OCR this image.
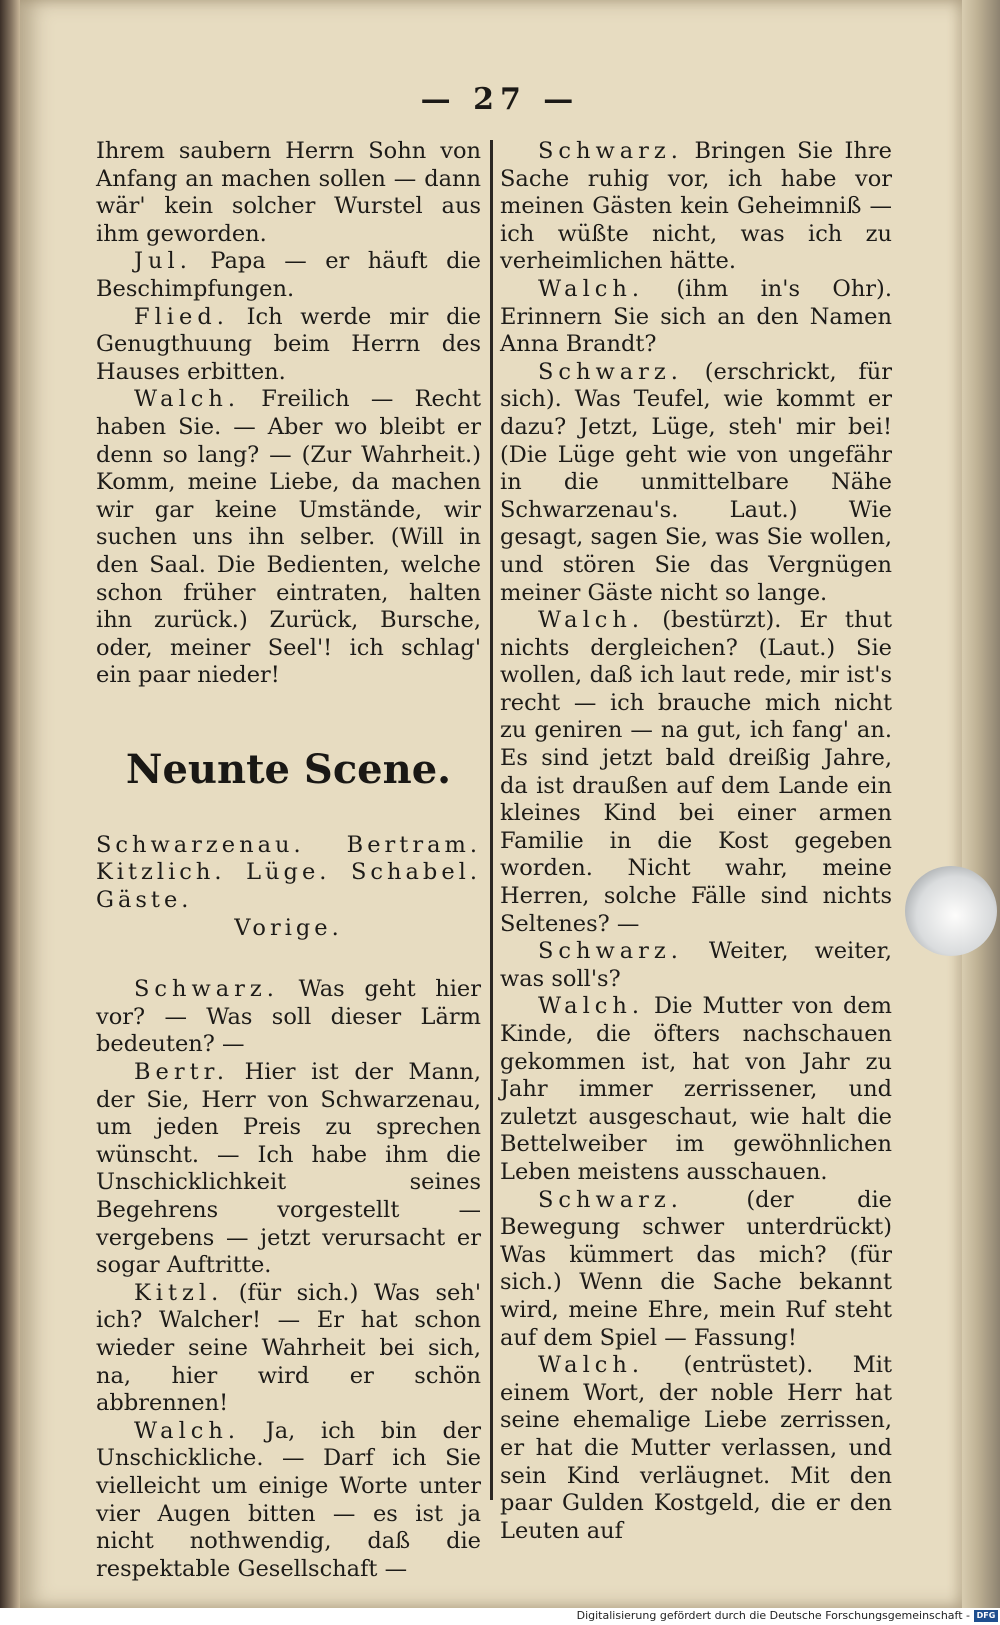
— 27 —

Ihrem saubern Herrn Sohn von Anfang an machen sollen — dann wär' kein solcher Wurstel aus ihm geworden.

Jul. Papa — er häuft die Beschimpfungen.

Flied. Ich werde mir die Genugthuung beim Herrn des Hauses erbitten.

Walch. Freilich — Recht haben Sie. — Aber wo bleibt er denn so lang? — (Zur Wahrheit.) Komm, meine Liebe, da machen wir gar keine Umstände, wir suchen uns ihn selber. (Will in den Saal. Die Bedienten, welche schon früher eintraten, halten ihn zurück.) Zurück, Bursche, oder, meiner Seel'! ich schlag' ein paar nieder!

Neunte Scene.

Schwarzenau. Bertram. Kitzlich. Lüge. Schabel. Gäste.

Vorige.

Schwarz. Was geht hier vor? — Was soll dieser Lärm bedeuten? —

Bertr. Hier ist der Mann, der Sie, Herr von Schwarzenau, um jeden Preis zu sprechen wünscht. — Ich habe ihm die Unschicklichkeit seines Begehrens vorgestellt — vergebens — jetzt verursacht er sogar Auftritte.

Kitzl. (für sich.) Was seh' ich? Walcher! — Er hat schon wieder seine Wahrheit bei sich, na, hier wird er schön abbrennen!

Walch. Ja, ich bin der Unschickliche. — Darf ich Sie vielleicht um einige Worte unter vier Augen bitten — es ist ja nicht nothwendig, daß die respektable Gesellschaft —

Schwarz. Bringen Sie Ihre Sache ruhig vor, ich habe vor meinen Gästen kein Geheimniß — ich wüßte nicht, was ich zu verheimlichen hätte.

Walch. (ihm in's Ohr). Erinnern Sie sich an den Namen Anna Brandt?

Schwarz. (erschrickt, für sich). Was Teufel, wie kommt er dazu? Jetzt, Lüge, steh' mir bei! (Die Lüge geht wie von ungefähr in die unmittelbare Nähe Schwarzenau's. Laut.) Wie gesagt, sagen Sie, was Sie wollen, und stören Sie das Vergnügen meiner Gäste nicht so lange.

Walch. (bestürzt). Er thut nichts dergleichen? (Laut.) Sie wollen, daß ich laut rede, mir ist's recht — ich brauche mich nicht zu geniren — na gut, ich fang' an. Es sind jetzt bald dreißig Jahre, da ist draußen auf dem Lande ein kleines Kind bei einer armen Familie in die Kost gegeben worden. Nicht wahr, meine Herren, solche Fälle sind nichts Seltenes? —

Schwarz. Weiter, weiter, was soll's?

Walch. Die Mutter von dem Kinde, die öfters nachschauen gekommen ist, hat von Jahr zu Jahr immer zerrissener, und zuletzt ausgeschaut, wie halt die Bettelweiber im gewöhnlichen Leben meistens ausschauen.

Schwarz.	(der die Bewegung schwer unterdrückt) Was kümmert das mich? (für sich.) Wenn die Sache bekannt wird, meine Ehre, mein Ruf steht auf dem Spiel — Fassung!

Walch. (entrüstet). Mit einem Wort, der noble Herr hat seine ehemalige Liebe zerrissen, er hat die Mutter verlassen, und sein Kind verläugnet. Mit den paar Gulden Kostgeld, die er den Leuten auf

Digitalisierung gefördert durch die Deutsche Forschungsgemeinschaft - DFG
